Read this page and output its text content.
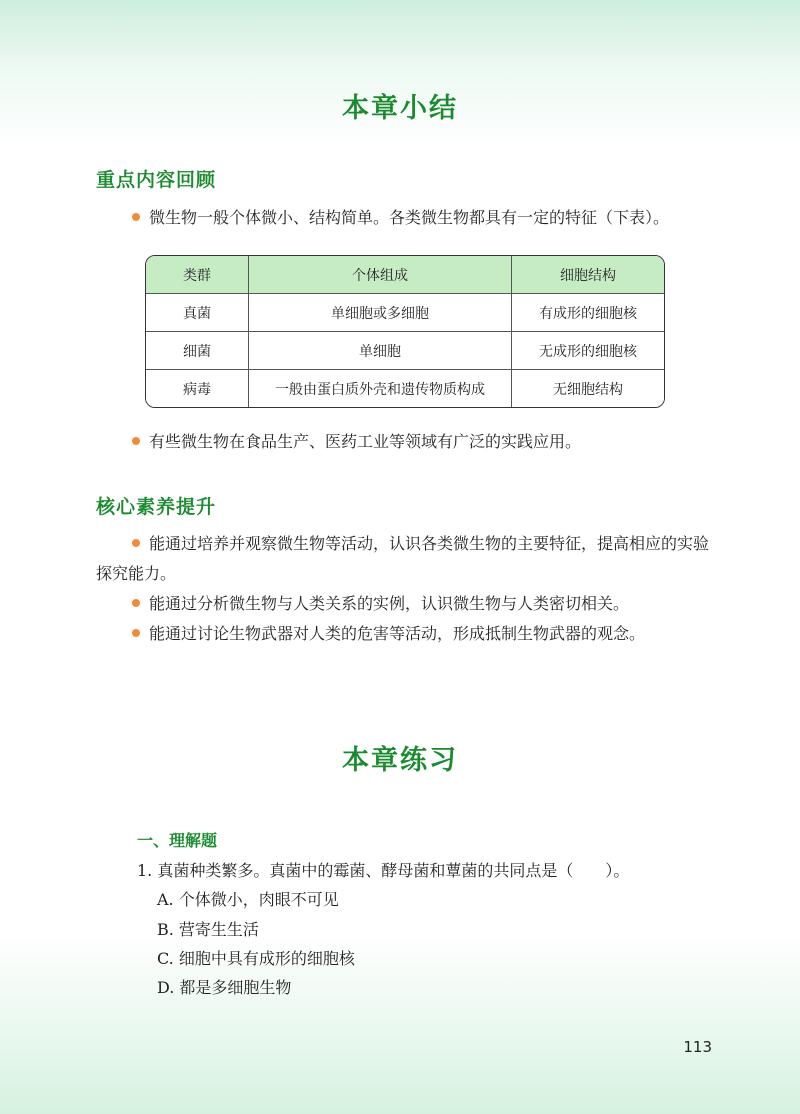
本章小结
重点内容回顾
微生物一般个体微小、结构简单。各类微生物都具有一定的特征（下表）。
类群	个体组成	细胞结构
真菌	单细胞或多细胞	有成形的细胞核
细菌	单细胞	无成形的细胞核
病毒	一般由蛋白质外壳和遗传物质构成	无细胞结构
有些微生物在食品生产、医药工业等领域有广泛的实践应用。
核心素养提升
能通过培养并观察微生物等活动，认识各类微生物的主要特征，提高相应的实验探究能力。
能通过分析微生物与人类关系的实例，认识微生物与人类密切相关。
能通过讨论生物武器对人类的危害等活动，形成抵制生物武器的观念。
本章练习
一、理解题
1. 真菌种类繁多。真菌中的霉菌、酵母菌和蕈菌的共同点是（　　）。
A. 个体微小，肉眼不可见
B. 营寄生生活
C. 细胞中具有成形的细胞核
D. 都是多细胞生物
113
